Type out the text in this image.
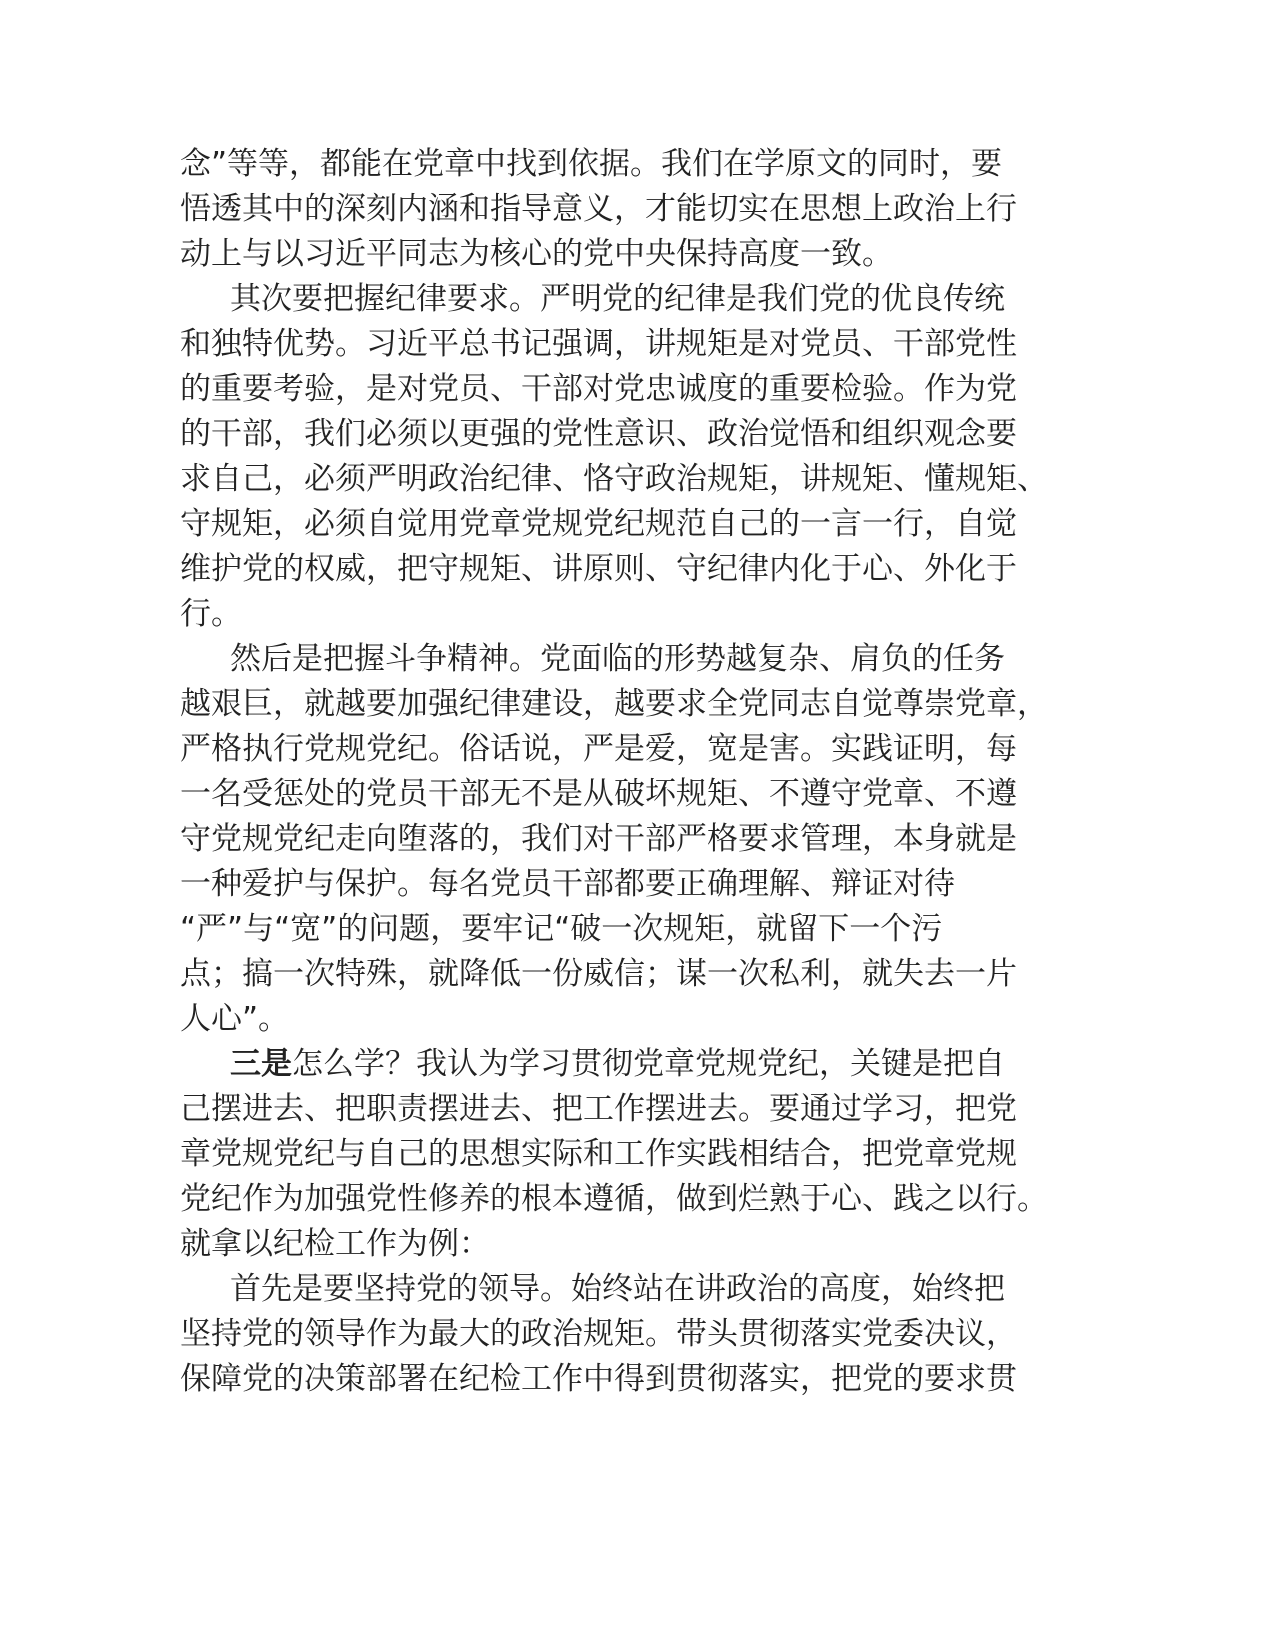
念”等等，都能在党章中找到依据。我们在学原文的同时，要
悟透其中的深刻内涵和指导意义，才能切实在思想上政治上行
动上与以习近平同志为核心的党中央保持高度一致。
其次要把握纪律要求。严明党的纪律是我们党的优良传统
和独特优势。习近平总书记强调，讲规矩是对党员、干部党性
的重要考验，是对党员、干部对党忠诚度的重要检验。作为党
的干部，我们必须以更强的党性意识、政治觉悟和组织观念要
求自己，必须严明政治纪律、恪守政治规矩，讲规矩、懂规矩、
守规矩，必须自觉用党章党规党纪规范自己的一言一行，自觉
维护党的权威，把守规矩、讲原则、守纪律内化于心、外化于
行。
然后是把握斗争精神。党面临的形势越复杂、肩负的任务
越艰巨，就越要加强纪律建设，越要求全党同志自觉尊崇党章，
严格执行党规党纪。俗话说，严是爱，宽是害。实践证明，每
一名受惩处的党员干部无不是从破坏规矩、不遵守党章、不遵
守党规党纪走向堕落的，我们对干部严格要求管理，本身就是
一种爱护与保护。每名党员干部都要正确理解、辩证对待
“严”与“宽”的问题，要牢记“破一次规矩，就留下一个污
点；搞一次特殊，就降低一份威信；谋一次私利，就失去一片
人心”。
三是怎么学？我认为学习贯彻党章党规党纪，关键是把自
己摆进去、把职责摆进去、把工作摆进去。要通过学习，把党
章党规党纪与自己的思想实际和工作实践相结合，把党章党规
党纪作为加强党性修养的根本遵循，做到烂熟于心、践之以行。
就拿以纪检工作为例：
首先是要坚持党的领导。始终站在讲政治的高度，始终把
坚持党的领导作为最大的政治规矩。带头贯彻落实党委决议，
保障党的决策部署在纪检工作中得到贯彻落实，把党的要求贯
